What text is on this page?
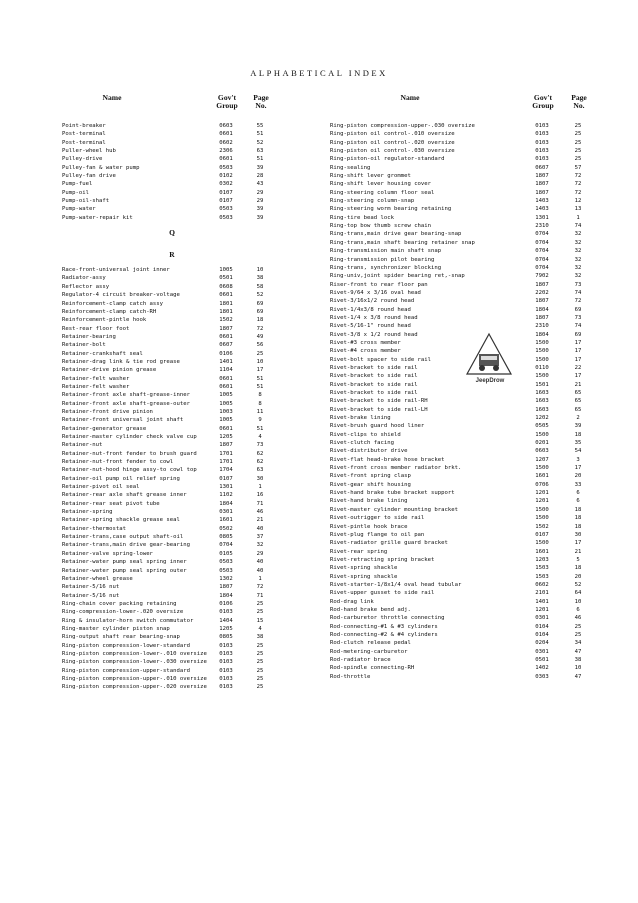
ALPHABETICAL INDEX
Name	Gov't Group
Page No.
Point-breaker	0603	55
Post-terminal	0601	51
Post-terminal	0602	52
Puller-wheel hub	2306	63
Pulley-drive	0601	51
Pulley-fan & water pump	0503	39
Pulley-fan drive	0102	28
Pump-fuel	0302	43
Pump-oil	0107	29
Pump-oil-shaft	0107	29
Pump-water	0503	39
Pump-water-repair kit	0503	39
Q
R
Race-front-universal joint inner	1005	10
Radiator-assy	0501	38
Reflector assy	0608	58
Regulator-4 circuit breaker-voltage	0601	52
Reinforcement-clamp catch assy	1801	69
Reinforcement-clamp catch-RH	1801	69
Reinforcement-pintle hook	1502	18
Rest-rear floor foot	1807	72
Retainer-bearing	0601	49
Retainer-bolt	0607	56
Retainer-crankshaft seal	0106	25
Retainer-drag link & tie rod grease	1401	10
Retainer-drive pinion grease	1104	17
Retainer-felt washer	0601	51
Retainer-felt washer	0601	51
Retainer-front axle shaft-grease-inner	1005	8
Retainer-front axle shaft-grease-outer	1005	8
Retainer-front drive pinion	1003	11
Retainer-front universal joint shaft	1005	9
Retainer-generator grease	0601	51
Retainer-master cylinder check valve cup	1205	4
Retainer-nut	1807	73
Retainer-nut-front fender to brush guard	1701	62
Retainer-nut-front fender to cowl	1701	62
Retainer-nut-hood hinge assy-to cowl top	1704	63
Retainer-oil pump oil relief spring	0107	30
Retainer-pivot oil seal	1301	1
Retainer-rear axle shaft grease inner	1102	16
Retainer-rear seat pivot tube	1804	71
Retainer-spring	0301	46
Retainer-spring shackle grease seal	1601	21
Retainer-thermostat	0502	40
Retainer-trans,case output shaft-oil	0805	37
Retainer-trans,main drive gear-bearing	0704	32
Retainer-valve spring-lower	0105	29
Retainer-water pump seal spring inner	0503	40
Retainer-water pump seal spring outer	0503	40
Retainer-wheel grease	1302	1
Retainer-5/16 nut	1807	72
Retainer-5/16 nut	1804	71
Ring-chain cover packing retaining	0106	25
Ring-compression-lower-.020 oversize	0103	25
Ring & insulator-horn switch commutator	1404	15
Ring-master cylinder piston snap	1205	4
Ring-output shaft rear bearing-snap	0805	38
Ring-piston compression-lower-standard	0103	25
Ring-piston compression-lower-.010 oversize	0103	25
Ring-piston compression-lower-.030 oversize	0103	25
Ring-piston compression-upper-standard	0103	25
Ring-piston compression-upper-.010 oversize	0103	25
Ring-piston compression-upper-.020 oversize	0103	25
Name	Gov't Group
Page No.
Ring-piston compression-upper-.030 oversize	0103	25
Ring-piston oil control-.010 oversize	0103	25
Ring-piston oil control-.020 oversize	0103	25
Ring-piston oil control-.030 oversize	0103	25
Ring-piston-oil regulator-standard	0103	25
Ring-sealing	0607	57
Ring-shift lever grommet	1807	72
Ring-shift lever housing cover	1807	72
Ring-steering column floor seal	1807	72
Ring-steering column-snap	1403	12
Ring-steering worm bearing retaining	1403	13
Ring-tire bead lock	1301	1
Ring-top bow thumb screw chain	2310	74
Ring-trans,main drive gear bearing-snap	0704	32
Ring-trans,main shaft bearing retainer snap	0704	32
Ring-transmission main shaft snap	0704	32
Ring-transmission pilot bearing	0704	32
Ring-trans, synchronizer blocking	0704	32
Ring-univ,joint spider bearing ret,-snap	7902	32
Riser-front to rear floor pan	1807	73
Rivet-9/64 x 3/16 oval head	2202	74
Rivet-3/16x1/2 round head	1807	72
Rivet-1/4x3/8 round head	1804	69
Rivet-1/4 x 3/8 round head	1807	73
Rivet-5/16-1" round head	2310	74
Rivet-3/8 x 1/2 round head	1804	69
Rivet-#3 cross member	1500	17
Rivet-#4 cross member	1500	17
Rivet-bolt spacer to side rail	1500	17
Rivet-bracket to side rail	0110	22
Rivet-bracket to side rail	1500	17
Rivet-bracket to side rail	1501	21
Rivet-bracket to side rail	1603	65
Rivet-bracket to side rail-RH	1603	65
Rivet-bracket to side rail-LH	1603	65
Rivet-brake lining	1202	2
Rivet-brush guard hood liner	0505	39
Rivet-clips to shield	1500	18
Rivet-clutch facing	0201	35
Rivet-distributor drive	0603	54
Rivet-flat head-brake hose bracket	1207	3
Rivet-front cross member radiator brkt.	1500	17
Rivet-front spring clasp	1601	20
Rivet-gear shift housing	0706	33
Rivet-hand brake tube bracket support	1201	6
Rivet-hand brake lining	1201	6
Rivet-master cylinder mounting bracket	1500	18
Rivet-outrigger to side rail	1500	18
Rivet-pintle hook brace	1502	18
Rivet-plug flange to oil pan	0107	30
Rivet-radiator grille guard bracket	1500	17
Rivet-rear spring	1601	21
Rivet-retracting spring bracket	1203	5
Rivet-spring shackle	1503	18
Rivet-spring shackle	1503	20
Rivet-starter-1/8x1/4 oval head tubular	0602	52
Rivet-upper gusset to side rail	2101	64
Rod-drag link	1401	10
Rod-hand brake bend adj.	1201	6
Rod-carburetor throttle connecting	0301	46
Rod-connecting-#1 & #3 cylinders	0104	25
Rod-connecting-#2 & #4 cylinders	0104	25
Rod-clutch release pedal	0204	34
Rod-metering-carburetor	0301	47
Rod-radiator brace	0501	38
Rod-spindle connecting-RH	1402	10
Rod-throttle	0303	47
JeepDrow
